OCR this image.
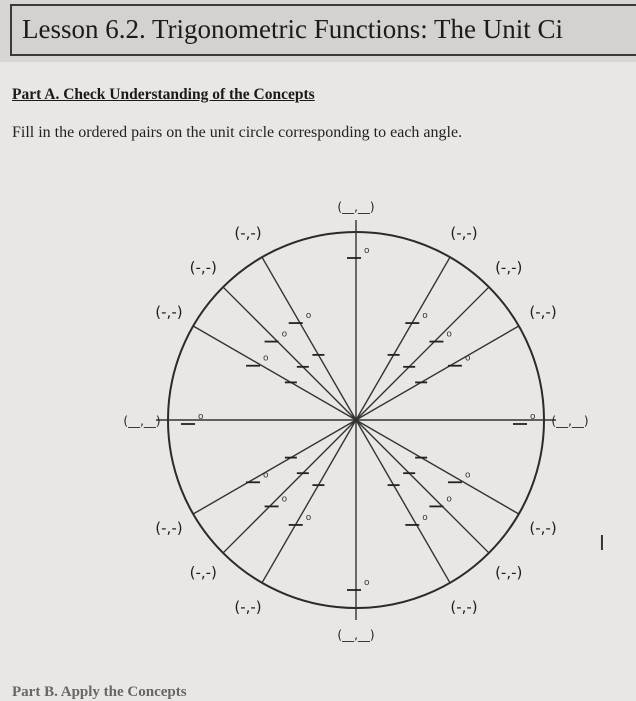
Lesson 6.2. Trigonometric Functions: The Unit Ci
Part A. Check Understanding of the Concepts
Fill in the ordered pairs on the unit circle corresponding to each angle.
o (__,__)
o
(-,-)
o
(-,-)
o
(-,-)
o
(__,__)
o
(-,-)
o
(-,-)
o
(-,-)
o
(__,__)
o
(-,-)
o
(-,-)
o
(-,-)
o
(__,__)
o
(-,-)
o
(-,-)
o
(-,-)
I
Part B. Apply the Concepts
